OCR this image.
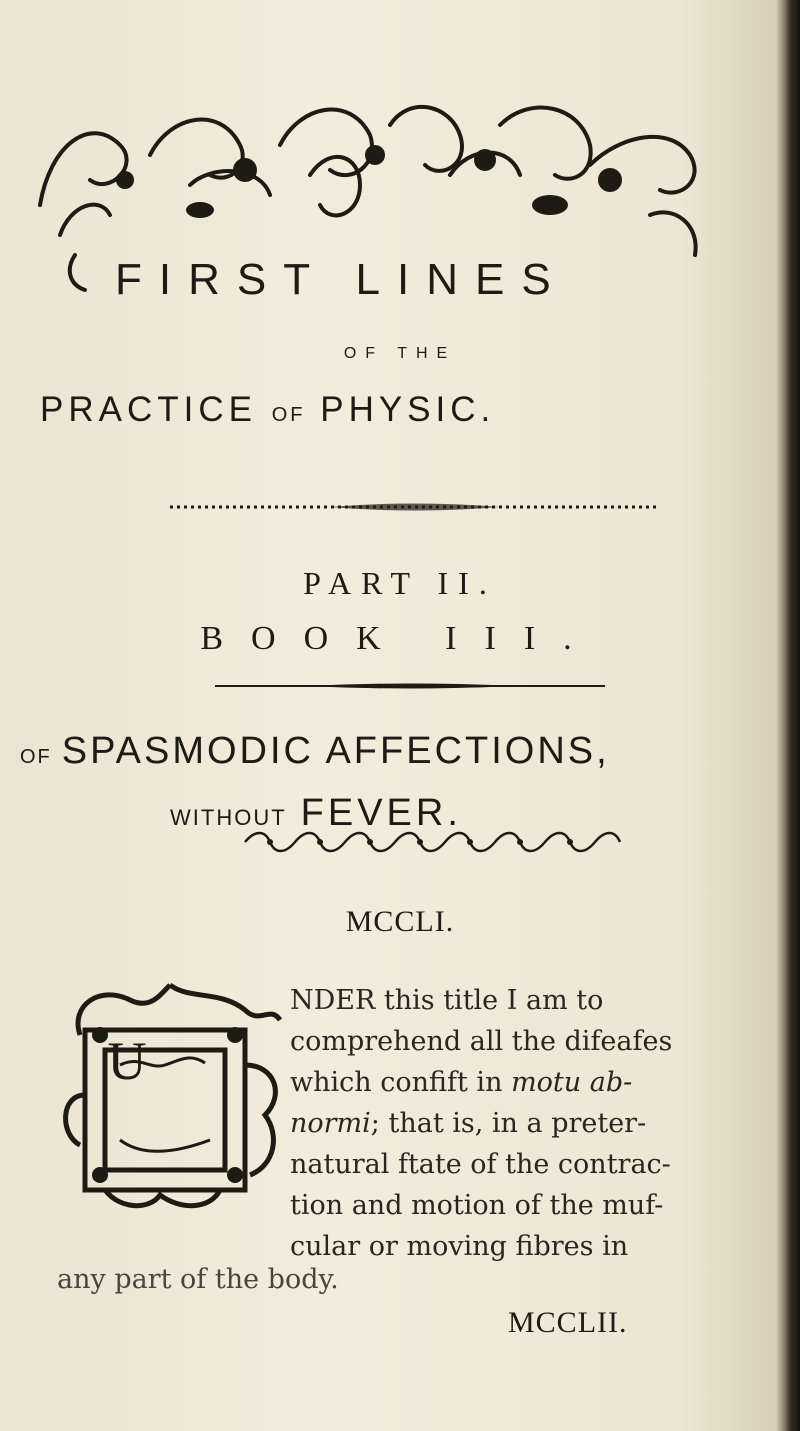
FIRST LINES
OF THE
PRACTICE OF PHYSIC.
PART II.
BOOK III.
OF SPASMODIC AFFECTIONS,
WITHOUT FEVER.
MCCLI.
U
NDER this title I am to
comprehend all the difeafes
which confift in motu ab-
normi; that is, in a preter-
natural ftate of the contrac-
tion and motion of the muf-
cular or moving fibres in
any part of the body.
MCCLII.
